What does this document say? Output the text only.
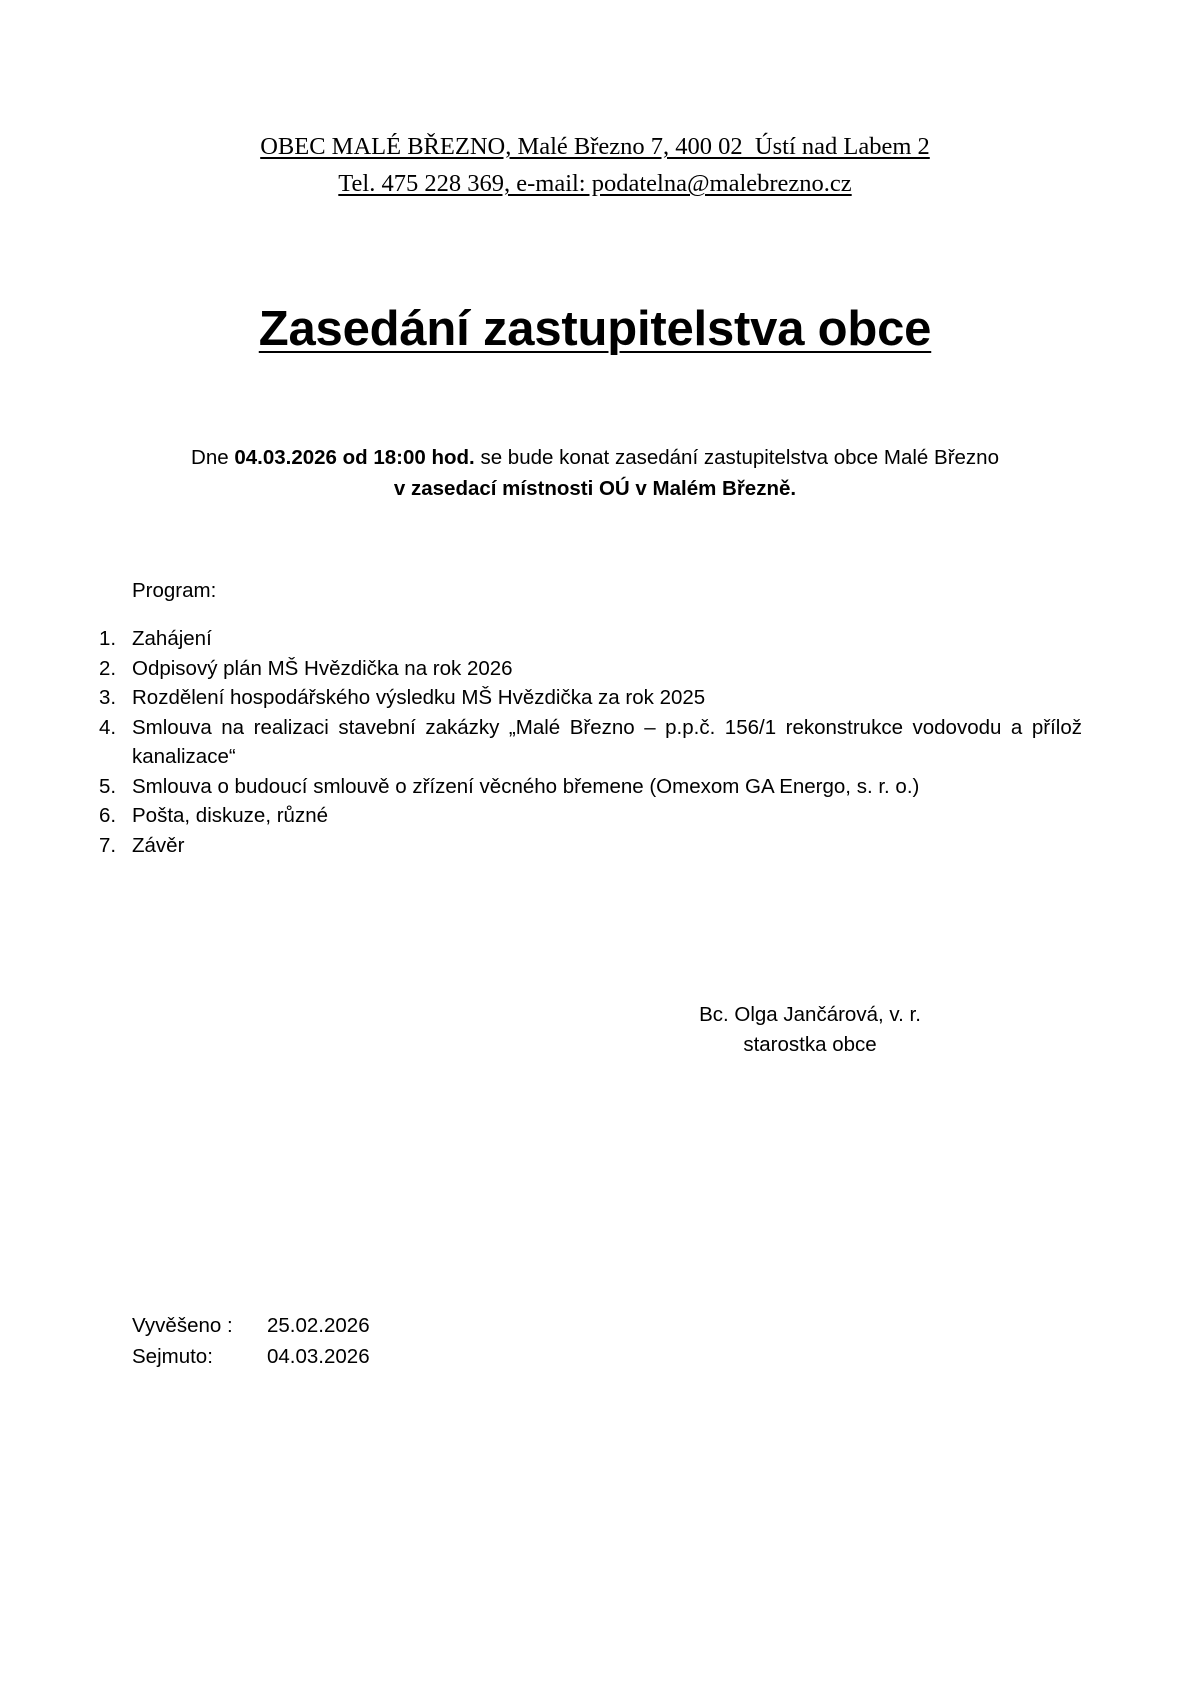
OBEC MALÉ BŘEZNO, Malé Březno 7, 400 02  Ústí nad Labem 2
Tel. 475 228 369, e-mail: podatelna@malebrezno.cz
Zasedání zastupitelstva obce

Dne 04.03.2026 od 18:00 hod. se bude konat zasedání zastupitelstva obce Malé Březno
v zasedací místnosti OÚ v Malém Březně.

Program:
1. Zahájení
2. Odpisový plán MŠ Hvězdička na rok 2026
3. Rozdělení hospodářského výsledku MŠ Hvězdička za rok 2025
4. Smlouva na realizaci stavební zakázky „Malé Březno – p.p.č. 156/1 rekonstrukce vodovodu a přílož kanalizace“
5. Smlouva o budoucí smlouvě o zřízení věcného břemene (Omexom GA Energo, s. r. o.)
6. Pošta, diskuze, různé
7. Závěr
Bc. Olga Jančárová, v. r.
starostka obce
Vyvěšeno :	25.02.2026
Sejmuto:	04.03.2026
